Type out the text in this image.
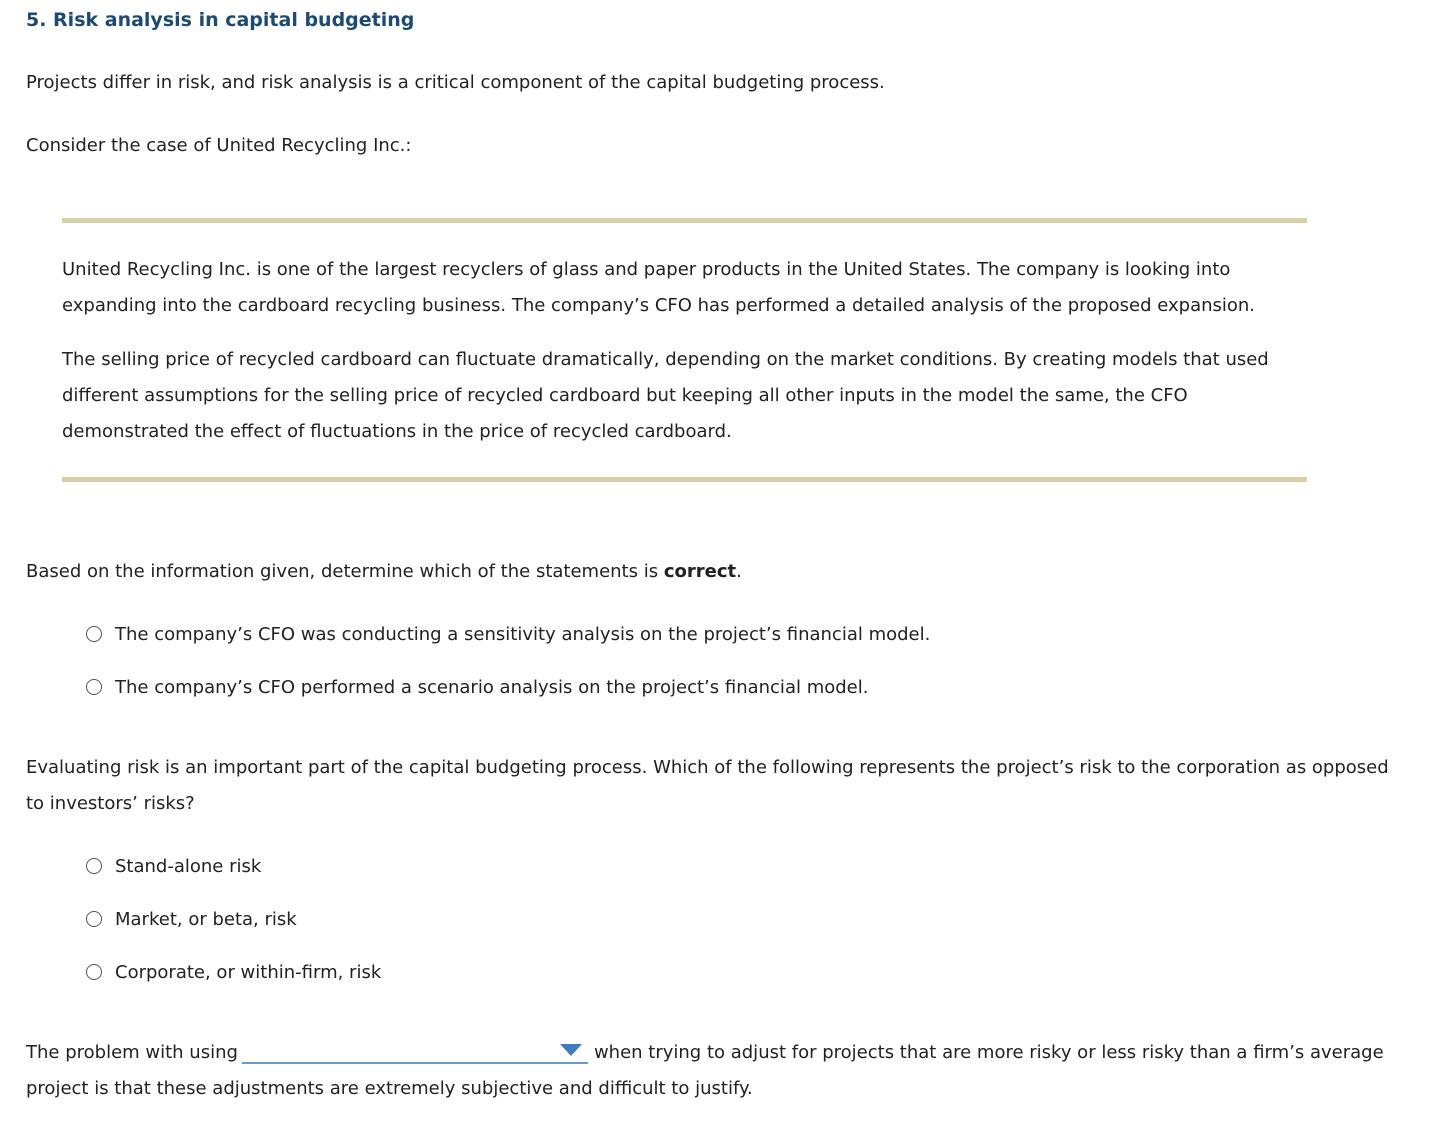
5. Risk analysis in capital budgeting
Projects differ in risk, and risk analysis is a critical component of the capital budgeting process.
Consider the case of United Recycling Inc.:
United Recycling Inc. is one of the largest recyclers of glass and paper products in the United States. The company is looking into expanding into the cardboard recycling business. The company’s CFO has performed a detailed analysis of the proposed expansion.
The selling price of recycled cardboard can fluctuate dramatically, depending on the market conditions. By creating models that used different assumptions for the selling price of recycled cardboard but keeping all other inputs in the model the same, the CFO demonstrated the effect of fluctuations in the price of recycled cardboard.
Based on the information given, determine which of the statements is correct.
The company’s CFO was conducting a sensitivity analysis on the project’s financial model.
The company’s CFO performed a scenario analysis on the project’s financial model.
Evaluating risk is an important part of the capital budgeting process. Which of the following represents the project’s risk to the corporation as opposed
to investors’ risks?
Stand-alone risk
Market, or beta, risk
Corporate, or within-firm, risk
The problem with using	when trying to adjust for projects that are more risky or less risky than a firm’s average
project is that these adjustments are extremely subjective and difficult to justify.
